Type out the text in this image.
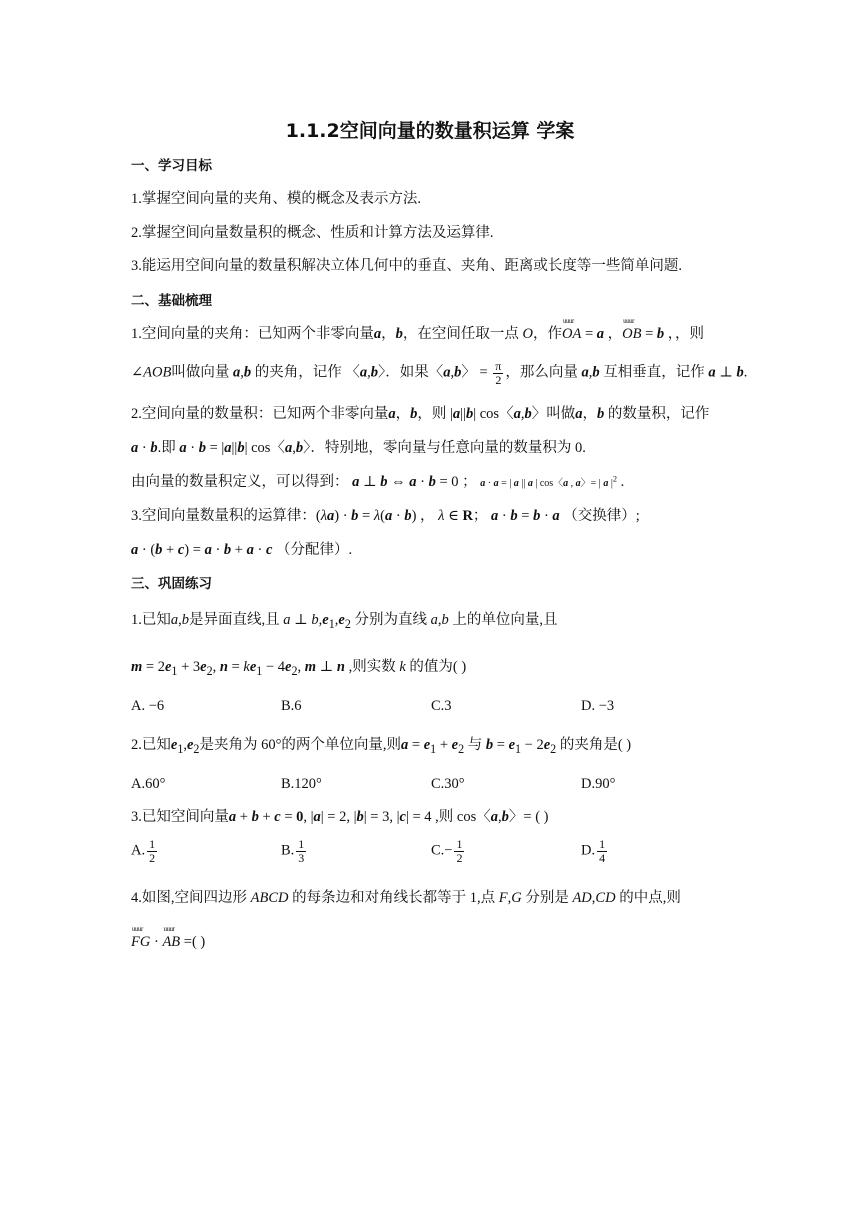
1.1.2空间向量的数量积运算 学案
一、学习目标
1.掌握空间向量的夹角、模的概念及表示方法.
2.掌握空间向量数量积的概念、性质和计算方法及运算律.
3.能运用空间向量的数量积解决立体几何中的垂直、夹角、距离或长度等一些简单问题.
二、基础梳理
1.空间向量的夹角：已知两个非零向量a，b，在空间任取一点 O，作uuur OA = a ，uuur OB = b ，，则
∠AOB叫做向量 a,b 的夹角，记作 〈a,b〉．如果〈a,b〉 = $\frac{\pi}{2}$ ，那么向量 a,b 互相垂直，记作 a ⊥ b.
2.空间向量的数量积：已知两个非零向量a，b，则 |a||b| cos〈a,b〉叫做a，b 的数量积，记作
a · b.即 a · b = |a||b| cos〈a,b〉．特别地，零向量与任意向量的数量积为 0.
由向量的数量积定义，可以得到： a ⊥ b ⇔ a · b = 0 ； a · a = | a || a | cos〈a , a〉= | a $|^2$ .
3.空间向量数量积的运算律：(λa) · b = λ(a · b) ， λ ∈ R； a · b = b · a （交换律）;
a · (b + c) = a · b + a · c （分配律）.
三、巩固练习
1.已知a,b是异面直线,且 a ⊥ $b,e_1,e_2$ 分别为直线 a,b 上的单位向量,且
$m = 2e_1 + 3e_2$, $n = ke_1 - 4e_2$, m ⊥ n ,则实数 k 的值为( )
A. −6	B.6	C.3	D. −3
2.已知$e_1,e_2$是夹角为 60°的两个单位向量,则$a = e_1 + e_2$ 与 $b = e_1 - 2e_2$ 的夹角是( )
A.60°	B.120°	C.30°	D.90°
3.已知空间向量a + b + c = 0, |a| = 2, |b| = 3, |c| = 4 ,则 cos〈a,b〉= ( )
A. $\frac{1}{2}$	B. $\frac{1}{3}$	$C.- \frac{1}{2}$	D. $\frac{1}{4}$
4.如图,空间四边形 ABCD 的每条边和对角线长都等于 1,点 F,G 分别是 AD,CD 的中点,则
uuur FG · uuur AB =( )
